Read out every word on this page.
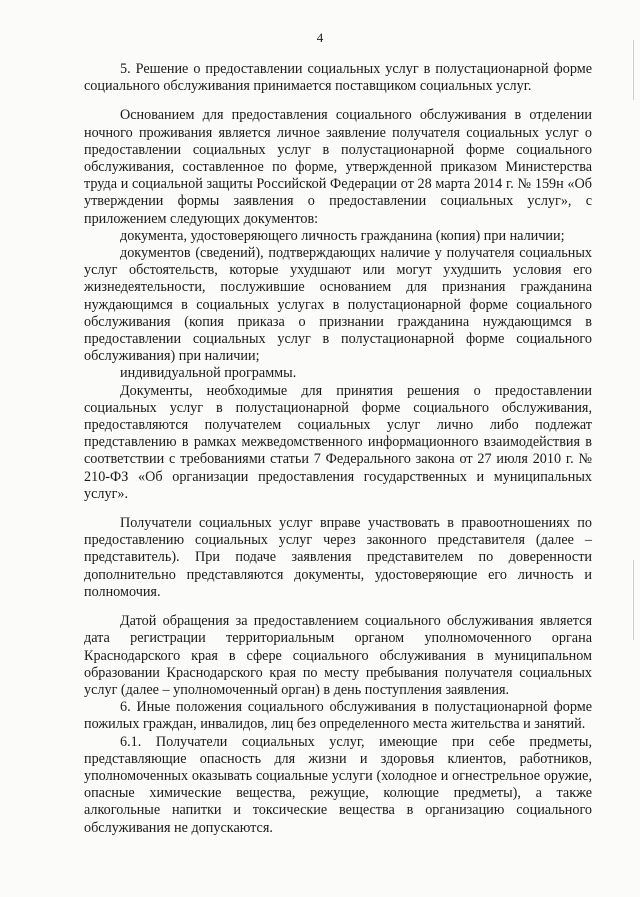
4

5. Решение о предоставлении социальных услуг в полустационарной форме социального обслуживания принимается поставщиком социальных услуг.

Основанием для предоставления социального обслуживания в отделении ночного проживания является личное заявление получателя социальных услуг о предоставлении социальных услуг в полустационарной форме социального обслуживания, составленное по форме, утвержденной приказом Министерства труда и социальной защиты Российской Федерации от 28 марта 2014 г. № 159н «Об утверждении формы заявления о предоставлении социальных услуг», с приложением следующих документов:

документа, удостоверяющего личность гражданина (копия) при наличии;

документов (сведений), подтверждающих наличие у получателя социальных услуг обстоятельств, которые ухудшают или могут ухудшить условия его жизнедеятельности, послужившие основанием для признания гражданина нуждающимся в социальных услугах в полустационарной форме социального обслуживания (копия приказа о признании гражданина нуждающимся в предоставлении социальных услуг в полустационарной форме социального обслуживания) при наличии;

индивидуальной программы.

Документы, необходимые для принятия решения о предоставлении социальных услуг в полустационарной форме социального обслуживания, предоставляются получателем социальных услуг лично либо подлежат представлению в рамках межведомственного информационного взаимодействия в соответствии с требованиями статьи 7 Федерального закона от 27 июля 2010 г. № 210-ФЗ «Об организации предоставления государственных и муниципальных услуг».

Получатели социальных услуг вправе участвовать в правоотношениях по предоставлению социальных услуг через законного представителя (далее – представитель). При подаче заявления представителем по доверенности дополнительно представляются документы, удостоверяющие его личность и полномочия.

Датой обращения за предоставлением социального обслуживания является дата регистрации территориальным органом уполномоченного органа Краснодарского края в сфере социального обслуживания в муниципальном образовании Краснодарского края по месту пребывания получателя социальных услуг (далее – уполномоченный орган) в день поступления заявления.

6. Иные положения социального обслуживания в полустационарной форме пожилых граждан, инвалидов, лиц без определенного места жительства и занятий.

6.1. Получатели социальных услуг, имеющие при себе предметы, представляющие опасность для жизни и здоровья клиентов, работников, уполномоченных оказывать социальные услуги (холодное и огнестрельное оружие, опасные химические вещества, режущие, колющие предметы), а также алкогольные напитки и токсические вещества в организацию социального обслуживания не допускаются.
